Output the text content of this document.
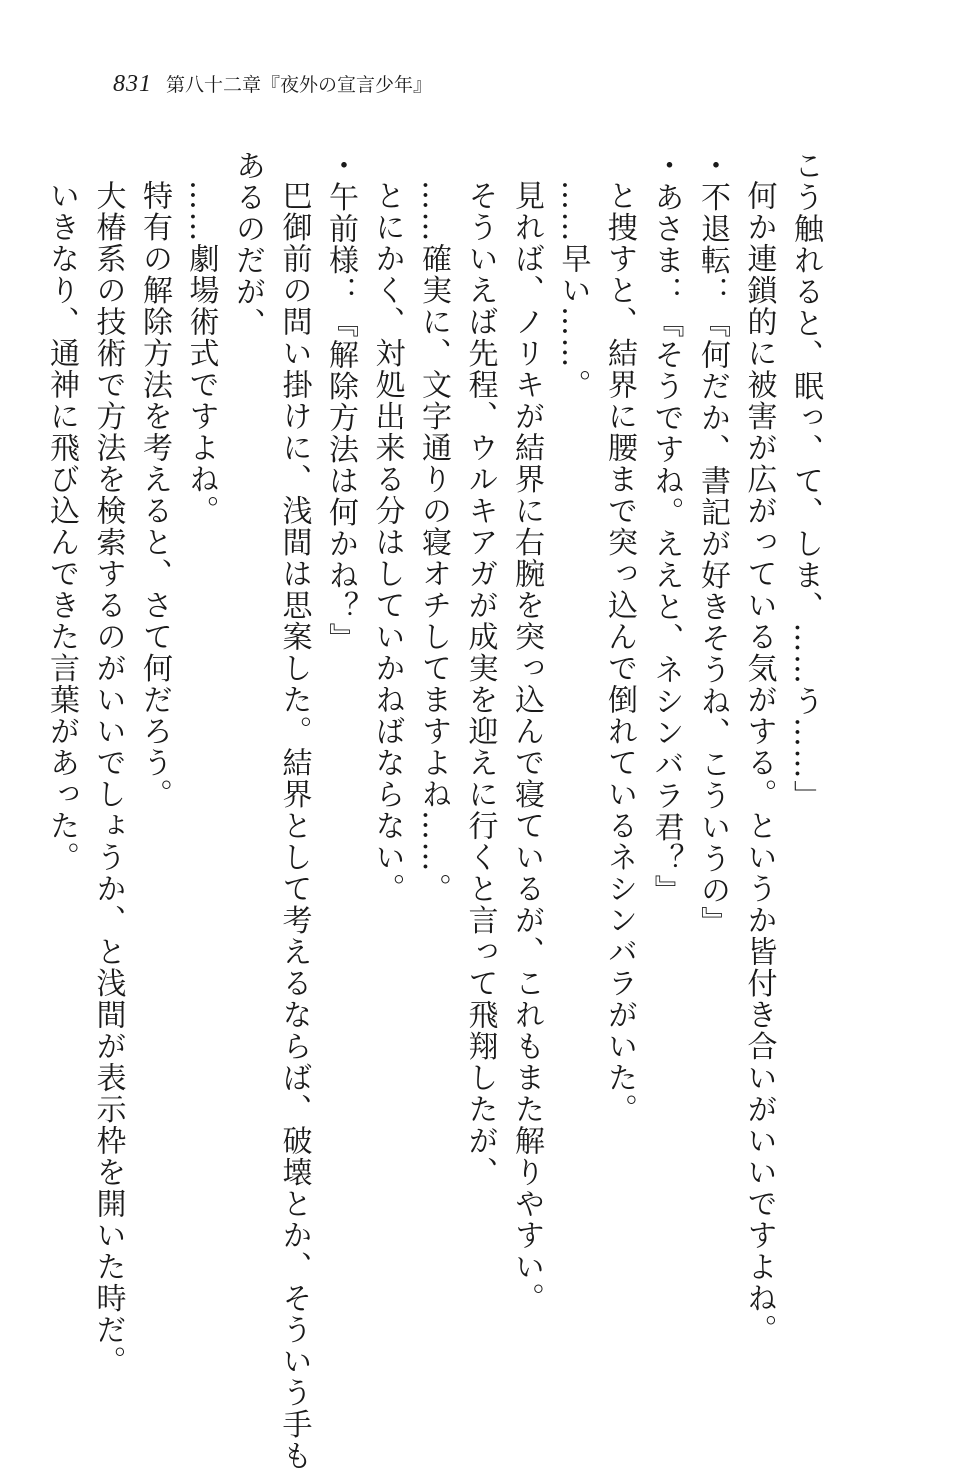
831 第八十二章『夜外の宣言少年』
こう触れると、眠っ、て、しま、……う……」
何か連鎖的に被害が広がっている気がする。というか皆付き合いがいいですよね。
・不退転：『何だか、書記が好きそうね、こういうの』
・あさま：『そうですね。ええと、ネシンバラ君？』
と捜すと、結界に腰まで突っ込んで倒れているネシンバラがいた。
……早い……。
見れば、ノリキが結界に右腕を突っ込んで寝ているが、これもまた解りやすい。
そういえば先程、ウルキアガが成実を迎えに行くと言って飛翔したが、
……確実に、文字通りの寝オチしてますよね……。
とにかく、対処出来る分はしていかねばならない。
・午前様：『解除方法は何かね？』
巴御前の問い掛けに、浅間は思案した。結界として考えるならば、破壊とか、そういう手も
あるのだが、
……劇場術式ですよね。
特有の解除方法を考えると、さて何だろう。
大椿系の技術で方法を検索するのがいいでしょうか、と浅間が表示枠を開いた時だ。
いきなり、通神に飛び込んできた言葉があった。
